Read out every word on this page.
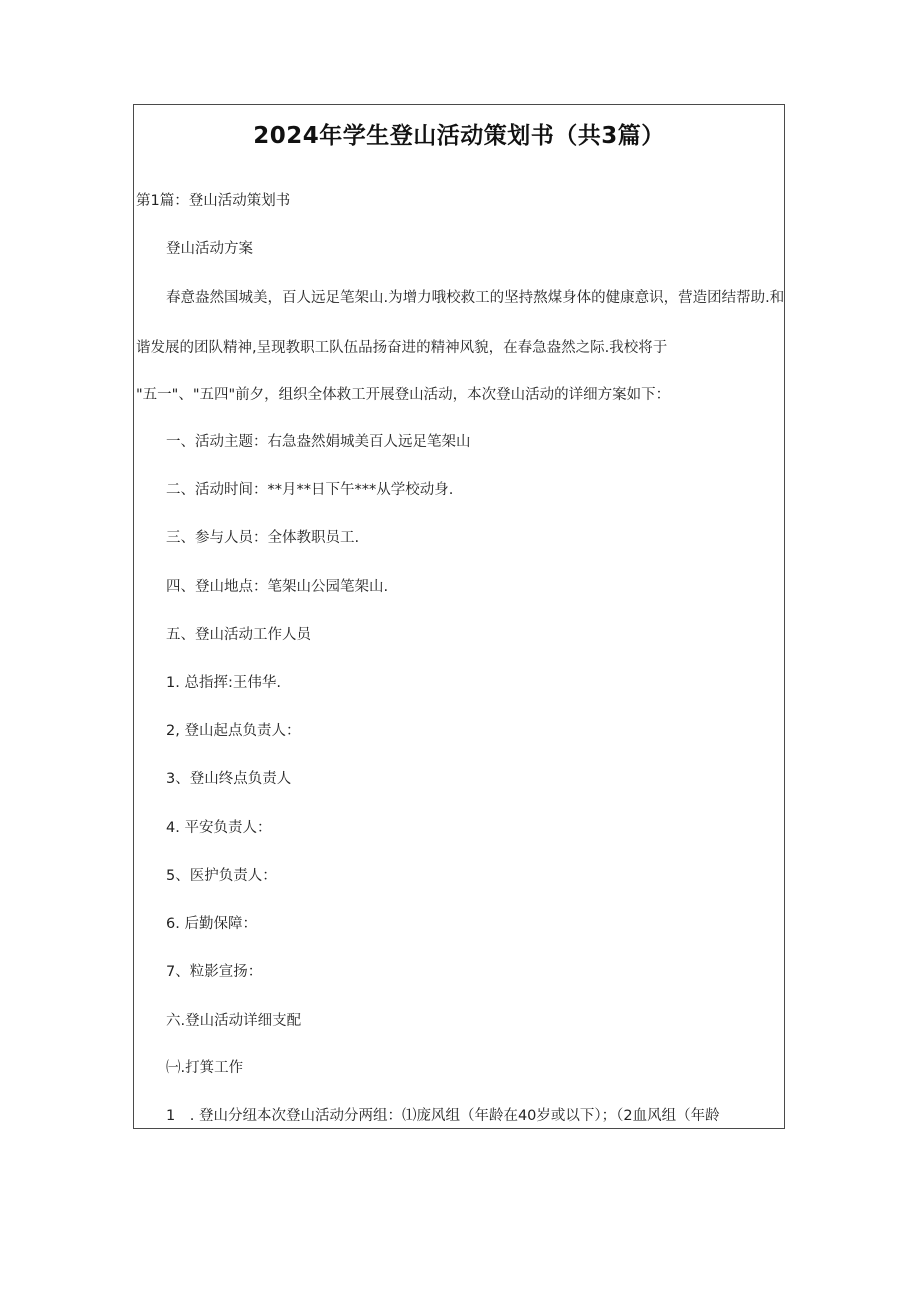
2024年学生登山活动策划书（共3篇）
第1篇：登山活动策划书
登山活动方案
春意盎然国城美，百人远足笔架山.为增力哦校救工的坚持熬煤身体的健康意识，营造团结帮助.和
谐发展的团队精神,呈现教职工队伍品扬奋进的精神风貌，在春急盎然之际.我校将于
"五一"、"五四"前夕，组织全体救工开展登山活动，本次登山活动的详细方案如下：
一、活动主题：右急盎然娟城美百人远足笔架山
二、活动时间：**月**日下午***从学校动身.
三、参与人员：全体教职员工.
四、登山地点：笔架山公园笔架山.
五、登山活动工作人员
1. 总指挥:王伟华.
2, 登山起点负责人：
3、登山终点负责人
4. 平安负责人：
5、医护负责人：
6. 后勤保障：
7、粒影宣扬：
六.登山活动详细支配
㈠.打箕工作
1　. 登山分纽本次登山活动分两组：⑴庞风组（年龄在40岁或以下）；（2血风组（年龄
